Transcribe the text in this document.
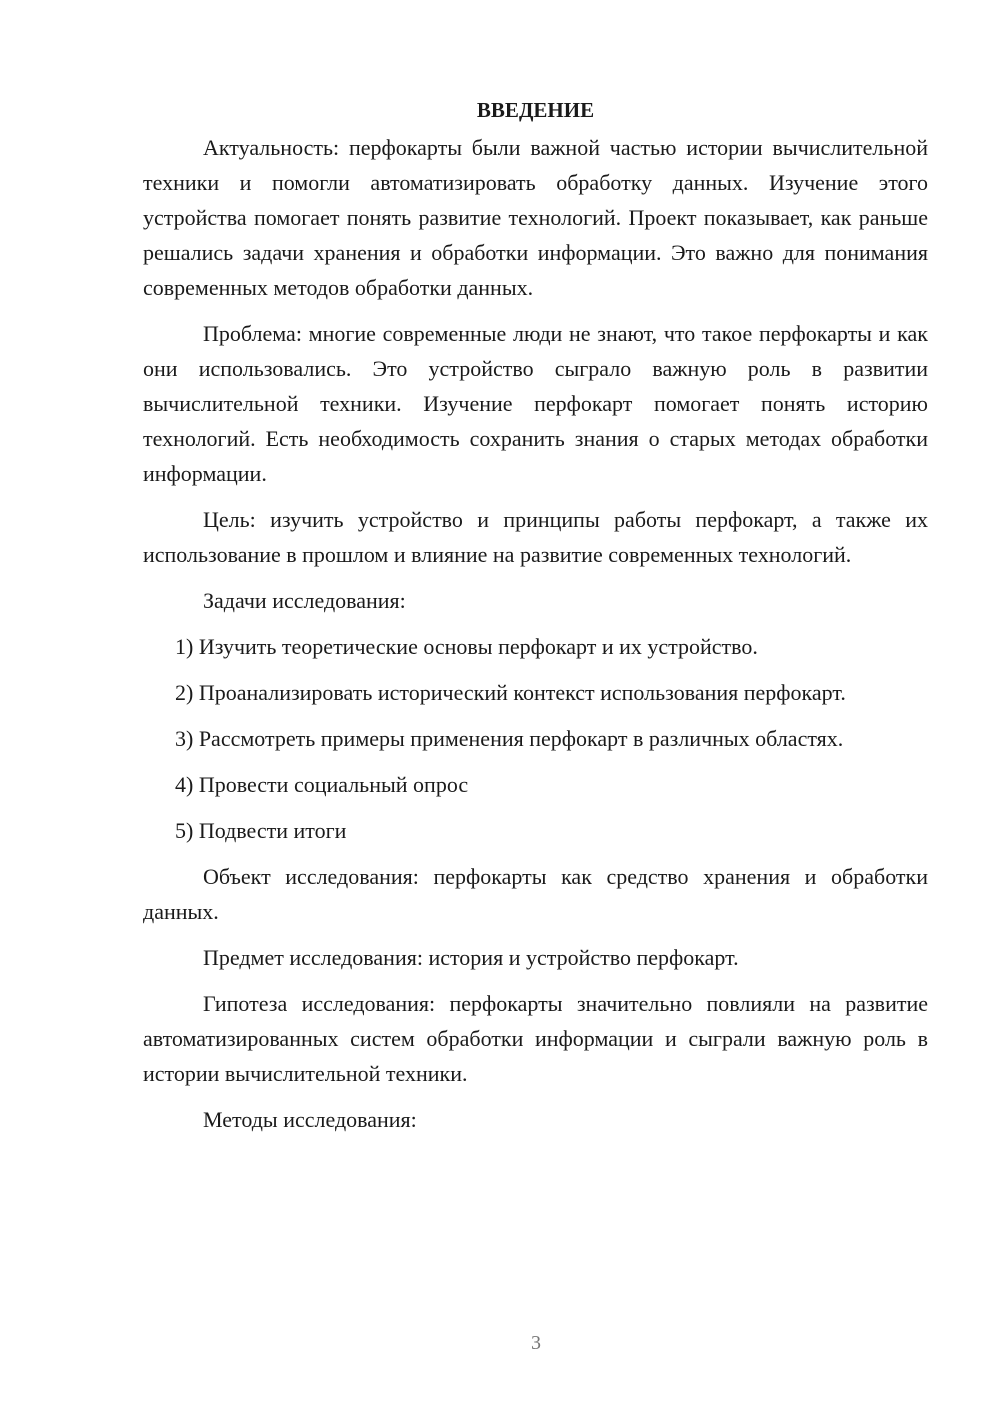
ВВЕДЕНИЕ

Актуальность: перфокарты были важной частью истории вычислительной техники и помогли автоматизировать обработку данных. Изучение этого устройства помогает понять развитие технологий. Проект показывает, как раньше решались задачи хранения и обработки информации. Это важно для понимания современных методов обработки данных.

Проблема: многие современные люди не знают, что такое перфокарты и как они использовались. Это устройство сыграло важную роль в развитии вычислительной техники. Изучение перфокарт помогает понять историю технологий. Есть необходимость сохранить знания о старых методах обработки информации.

Цель: изучить устройство и принципы работы перфокарт, а также их использование в прошлом и влияние на развитие современных технологий.

Задачи исследования:

1) Изучить теоретические основы перфокарт и их устройство.

2) Проанализировать исторический контекст использования перфокарт.

3) Рассмотреть примеры применения перфокарт в различных областях.

4) Провести социальный опрос

5) Подвести итоги

Объект исследования: перфокарты как средство хранения и обработки данных.

Предмет исследования: история и устройство перфокарт.

Гипотеза исследования: перфокарты значительно повлияли на развитие автоматизированных систем обработки информации и сыграли важную роль в истории вычислительной техники.

Методы исследования:

3
